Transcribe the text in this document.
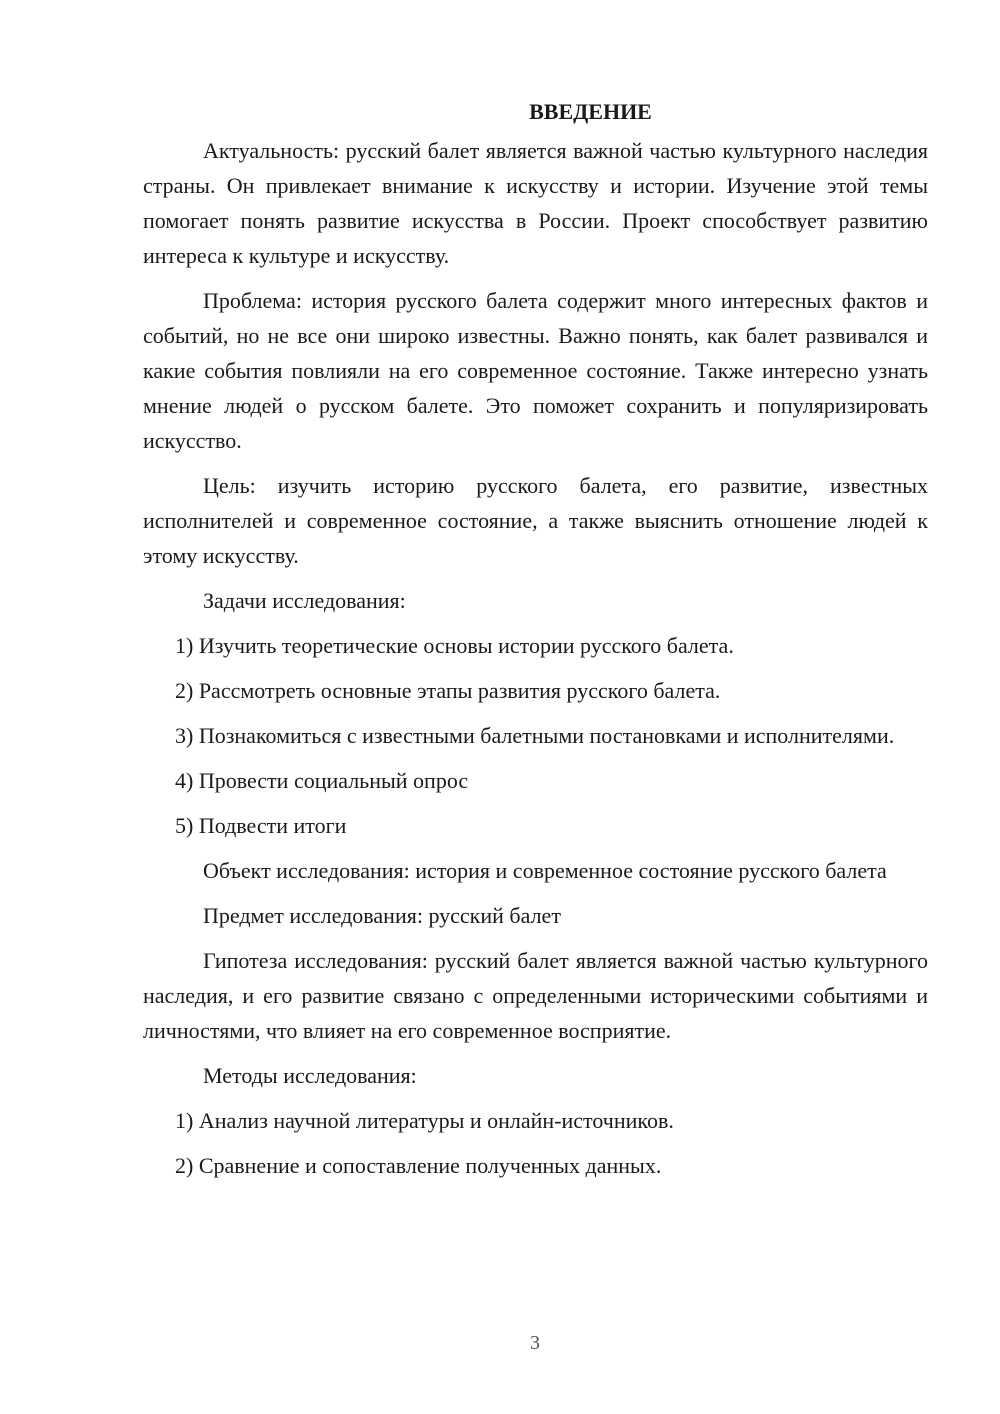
ВВЕДЕНИЕ

Актуальность: русский балет является важной частью культурного наследия страны. Он привлекает внимание к искусству и истории. Изучение этой темы помогает понять развитие искусства в России. Проект способствует развитию интереса к культуре и искусству.

Проблема: история русского балета содержит много интересных фактов и событий, но не все они широко известны. Важно понять, как балет развивался и какие события повлияли на его современное состояние. Также интересно узнать мнение людей о русском балете. Это поможет сохранить и популяризировать искусство.

Цель: изучить историю русского балета, его развитие, известных исполнителей и современное состояние, а также выяснить отношение людей к этому искусству.

Задачи исследования:

1) Изучить теоретические основы истории русского балета.

2) Рассмотреть основные этапы развития русского балета.

3) Познакомиться с известными балетными постановками и исполнителями.

4) Провести социальный опрос

5) Подвести итоги

Объект исследования: история и современное состояние русского балета

Предмет исследования: русский балет

Гипотеза исследования: русский балет является важной частью культурного наследия, и его развитие связано с определенными историческими событиями и личностями, что влияет на его современное восприятие.

Методы исследования:

1) Анализ научной литературы и онлайн-источников.

2) Сравнение и сопоставление полученных данных.

3
